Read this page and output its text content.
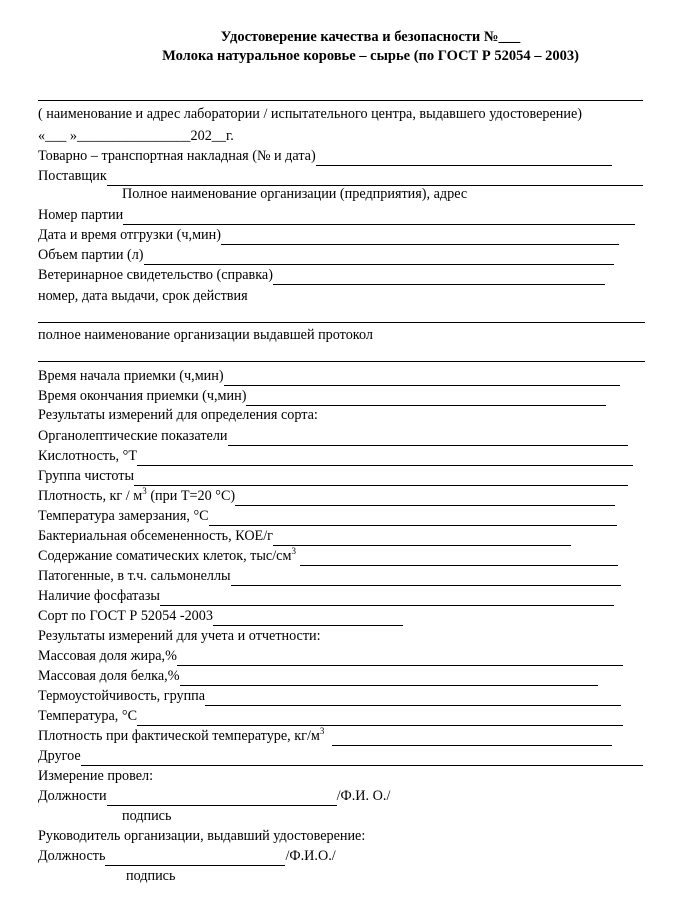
Удостоверение качества и безопасности №___
Молока натуральное коровье – сырье (по ГОСТ Р 52054 – 2003)
( наименование и адрес лаборатории / испытательного центра, выдавшего удостоверение)
«___ »________________202__г.
Товарно – транспортная накладная (№ и дата)
Поставщик
Полное наименование организации (предприятия), адрес
Номер партии
Дата и время отгрузки (ч,мин)
Объем партии (л)
Ветеринарное свидетельство (справка)
номер, дата выдачи, срок действия
полное наименование организации выдавшей протокол
Время начала приемки (ч,мин)
Время окончания приемки (ч,мин)
Результаты измерений для определения сорта:
Органолептические показатели
Кислотность, °Т
Группа чистоты
Плотность, кг / $м^3$ (при Т=20 °С)
Температура замерзания, °С
Бактериальная обсемененность, КОЕ/г
Содержание соматических клеток, тыс/$см^3$
Патогенные, в т.ч. сальмонеллы
Наличие фосфатазы
Сорт по ГОСТ Р 52054 -2003
Результаты измерений для учета и отчетности:
Массовая доля жира,%
Массовая доля белка,%
Термоустойчивость, группа
Температура, °С
Плотность при фактической температуре, $кг/м^3$
Другое
Измерение провел:
Должности	/Ф.И. О./
подпись
Руководитель организации, выдавший удостоверение:
Должность	/Ф.И.О./
подпись
